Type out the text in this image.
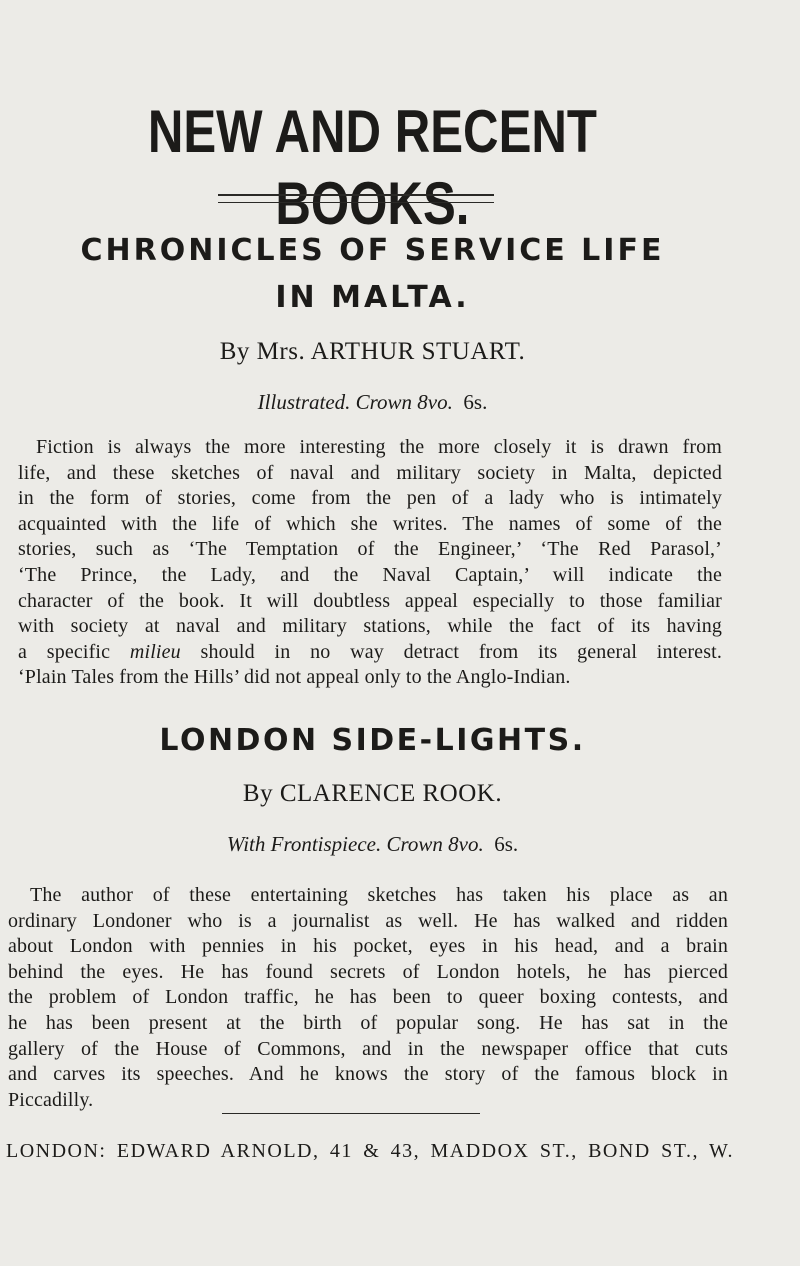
NEW AND RECENT BOOKS.
CHRONICLES OF SERVICE LIFE
IN MALTA.

By Mrs. ARTHUR STUART.

Illustrated. Crown 8vo. 6s.

Fiction is always the more interesting the more closely it is drawn from
life, and these sketches of naval and military society in Malta, depicted
in the form of stories, come from the pen of a lady who is intimately
acquainted with the life of which she writes. The names of some of the
stories, such as ‘The Temptation of the Engineer,’ ‘The Red Parasol,’
‘The Prince, the Lady, and the Naval Captain,’ will indicate the
character of the book. It will doubtless appeal especially to those familiar
with society at naval and military stations, while the fact of its having
a specific milieu should in no way detract from its general interest.
‘Plain Tales from the Hills’ did not appeal only to the Anglo-Indian.
LONDON SIDE-LIGHTS.

By CLARENCE ROOK.

With Frontispiece. Crown 8vo. 6s.

The author of these entertaining sketches has taken his place as an
ordinary Londoner who is a journalist as well. He has walked and ridden
about London with pennies in his pocket, eyes in his head, and a brain
behind the eyes. He has found secrets of London hotels, he has pierced
the problem of London traffic, he has been to queer boxing contests, and
he has been present at the birth of popular song. He has sat in the
gallery of the House of Commons, and in the newspaper office that cuts
and carves its speeches. And he knows the story of the famous block in
Piccadilly.

LONDON: EDWARD ARNOLD, 41 & 43, MADDOX ST., BOND ST., W.
